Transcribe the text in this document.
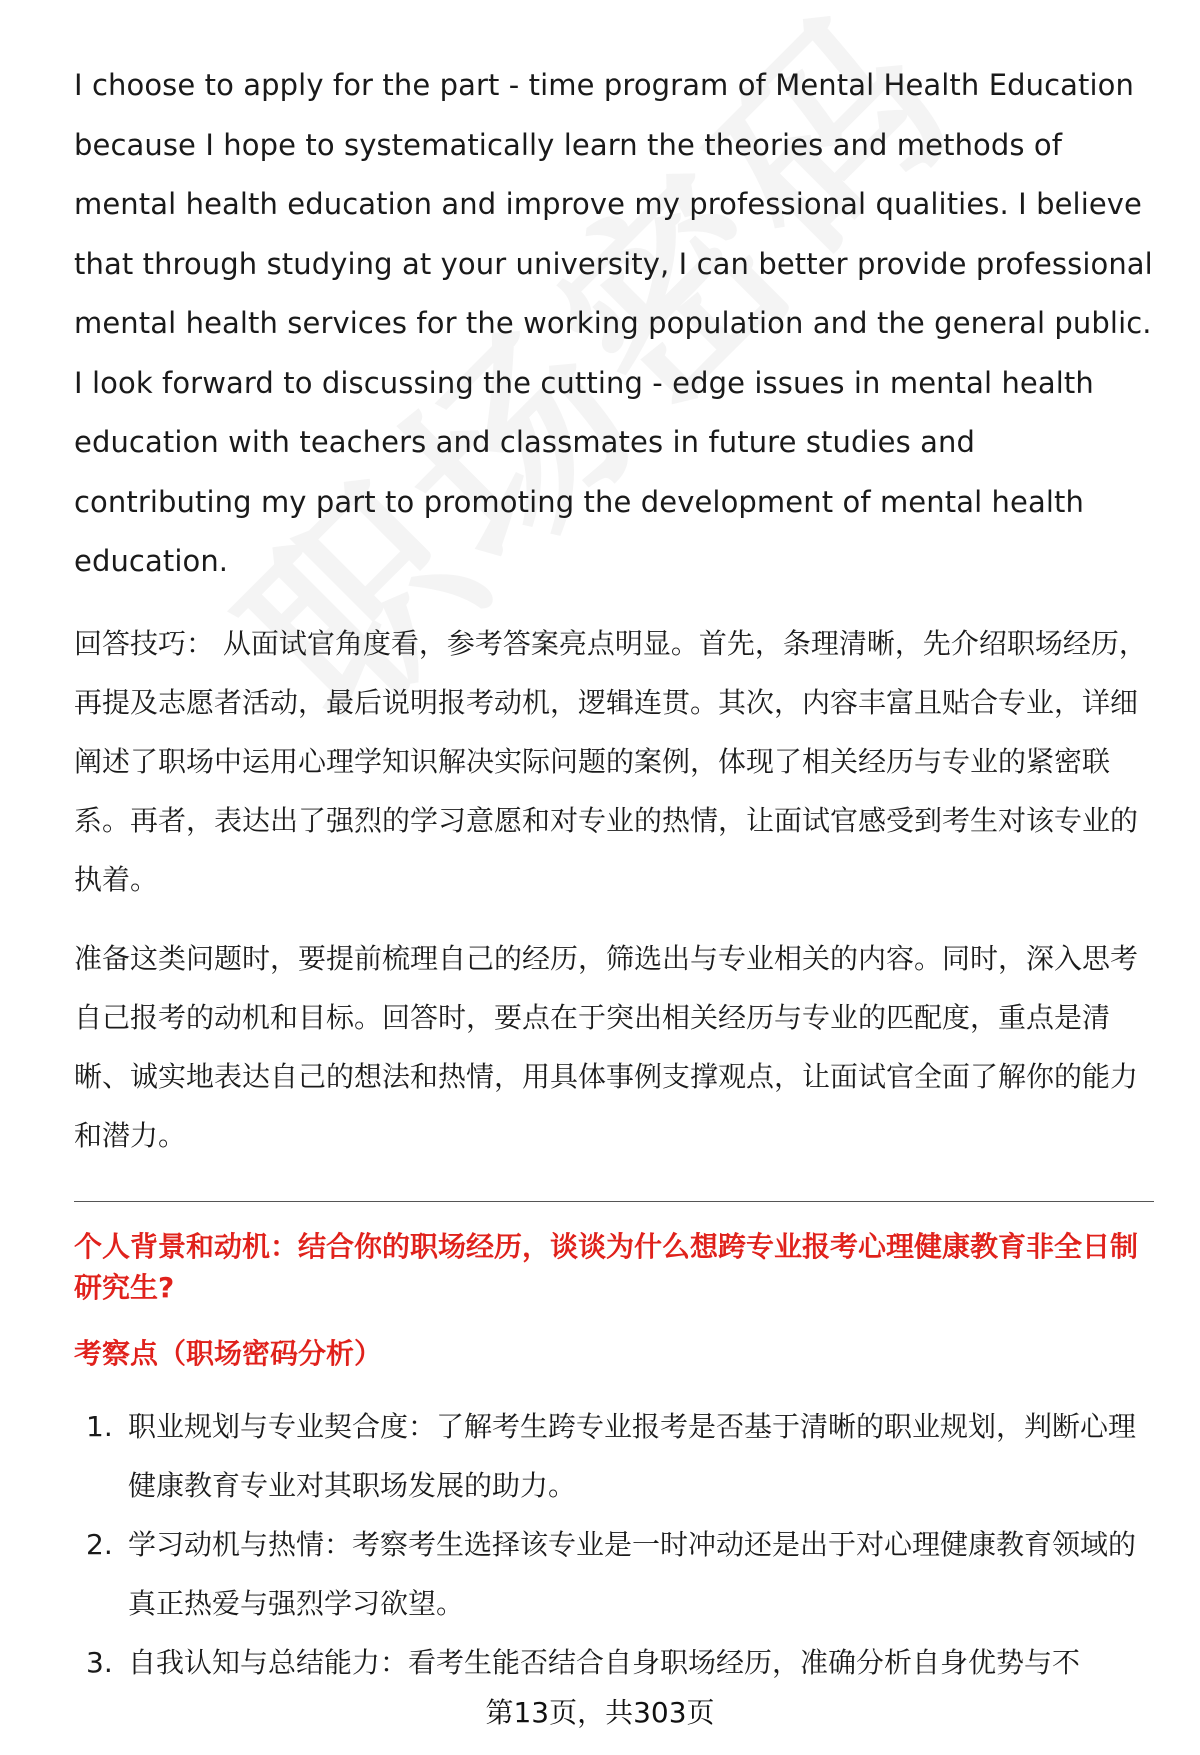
I choose to apply for the part - time program of Mental Health Education because I hope to systematically learn the theories and methods of mental health education and improve my professional qualities. I believe that through studying at your university, I can better provide professional mental health services for the working population and the general public. I look forward to discussing the cutting - edge issues in mental health education with teachers and classmates in future studies and contributing my part to promoting the development of mental health education.

回答技巧： 从面试官角度看，参考答案亮点明显。首先，条理清晰，先介绍职场经历，再提及志愿者活动，最后说明报考动机，逻辑连贯。其次，内容丰富且贴合专业，详细阐述了职场中运用心理学知识解决实际问题的案例，体现了相关经历与专业的紧密联系。再者，表达出了强烈的学习意愿和对专业的热情，让面试官感受到考生对该专业的执着。

准备这类问题时，要提前梳理自己的经历，筛选出与专业相关的内容。同时，深入思考自己报考的动机和目标。回答时，要点在于突出相关经历与专业的匹配度，重点是清晰、诚实地表达自己的想法和热情，用具体事例支撑观点，让面试官全面了解你的能力和潜力。

个人背景和动机：结合你的职场经历，谈谈为什么想跨专业报考心理健康教育非全日制研究生?
考察点（职场密码分析）
1. 职业规划与专业契合度：了解考生跨专业报考是否基于清晰的职业规划，判断心理健康教育专业对其职场发展的助力。
2. 学习动机与热情：考察考生选择该专业是一时冲动还是出于对心理健康教育领域的真正热爱与强烈学习欲望。
3. 自我认知与总结能力：看考生能否结合自身职场经历，准确分析自身优势与不
第13页，共303页
